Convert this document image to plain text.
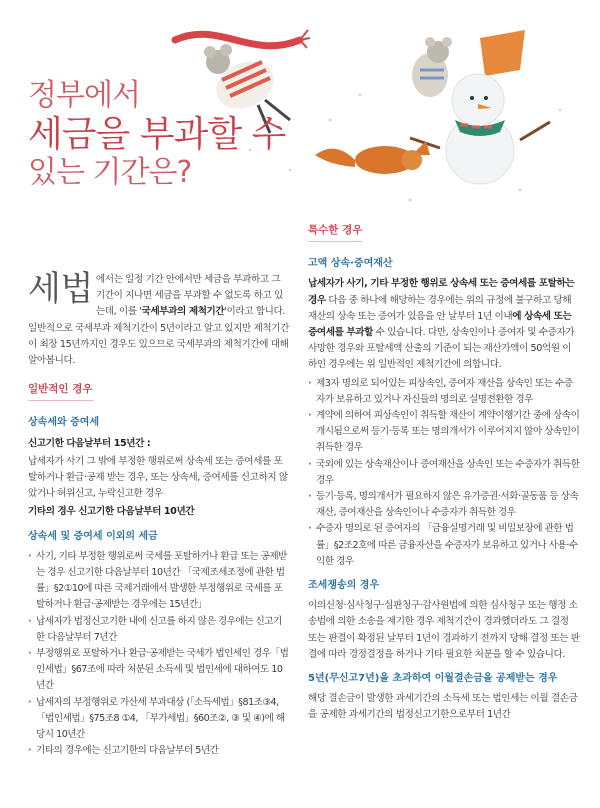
정부에서
세금을 부과할 수
있는 기간은?

세법 에서는 일정 기간 안에서만 세금을 부과하고 그 기간이 지나면 세금을 부과할 수 없도록 하고 있는데, 이를 '국세부과의 제척기간'이라고 합니다. 일반적으로 국세부과 제척기간이 5년이라고 알고 있지만 제척기간이 최장 15년까지인 경우도 있으므로 국세부과의 제척기간에 대해 알아봅니다.

일반적인 경우
상속세와 증여세

신고기한 다음날부터 15년간 :

납세자가 사기 그 밖에 부정한 행위로써 상속세 또는 증여세를 포탈하거나 환급·공제 받는 경우, 또는 상속세, 증여세를 신고하지 않았거나 허위신고, 누락신고한 경우

기타의 경우 신고기한 다음날부터 10년간

상속세 및 증여세 이외의 세금
· 사기, 기타 부정한 행위로써 국세를 포탈하거나 환급 또는 공제받는 경우 신고기한 다음날부터 10년간 「국제조세조정에 관한 법률」§2①10에 따른 국제거래에서 발생한 부정행위로 국세를 포탈하거나 환급·공제받는 경우에는 15년간」
· 납세자가 법정신고기한 내에 신고를 하지 않은 경우에는 신고기한 다음날부터 7년간
· 부정행위로 포탈하거나 환급·공제받는 국세가 법인세인 경우「법인세법」§67조에 따라 처분된 소득세 및 법인세에 대하여도 10년간
· 납세자의 부정행위로 가산세 부과대상 (「소득세법」§81조③4, 「법인세법」§75조8 ①4, 「부가세법」§60조②, ③ 및 ④)에 해당시 10년간
· 기타의 경우에는 신고기한의 다음날부터 5년간
특수한 경우
고액 상속·증여재산

납세자가 사기, 기타 부정한 행위로 상속세 또는 증여세를 포탈하는 경우 다음 중 하나에 해당하는 경우에는 위의 규정에 불구하고 당해 재산의 상속 또는 증여가 있음을 안 날부터 1년 이내에 상속세 또는 증여세를 부과할 수 있습니다. 다만, 상속인이나 증여자 및 수증자가 사망한 경우와 포탈세액 산출의 기준이 되는 재산가액이 50억원 이하인 경우에는 위 일반적인 제척기간에 의합니다.

· 제3자 명의로 되어있는 피상속인, 증여자 재산을 상속인 또는 수증자가 보유하고 있거나 자신들의 명의로 실명전환한 경우
· 계약에 의하여 피상속인이 취득할 재산이 계약이행기간 중에 상속이 개시됨으로써 등기·등록 또는 명의개서가 이루어지지 않아 상속인이 취득한 경우
· 국외에 있는 상속재산이나 증여재산을 상속인 또는 수증자가 취득한 경우
· 등기·등록, 명의개서가 필요하지 않은 유가증권·서화·골동품 등 상속재산, 증여재산을 상속인이나 수증자가 취득한 경우
· 수증자 명의로 된 증여자의 「금융실명거래 및 비밀보장에 관한 법률」§2조2호에 따른 금융자산을 수증자가 보유하고 있거나 사용·수익한 경우
조세쟁송의 경우

이의신청·심사청구·심판청구·감사원법에 의한 심사청구 또는 행정 소송법에 의한 소송을 제기한 경우 제척기간이 경과했더라도 그 결정 또는 판결이 확정된 날부터 1년이 경과하기 전까지 당해 결정 또는 판결에 따라 경정결정을 하거나 기타 필요한 처분을 할 수 있습니다.

5년(무신고7년)을 초과하여 이월결손금을 공제받는 경우

해당 결손금이 발생한 과세기간의 소득세 또는 법인세는 이월 결손금을 공제한 과세기간의 법정신고기한으로부터 1년간
